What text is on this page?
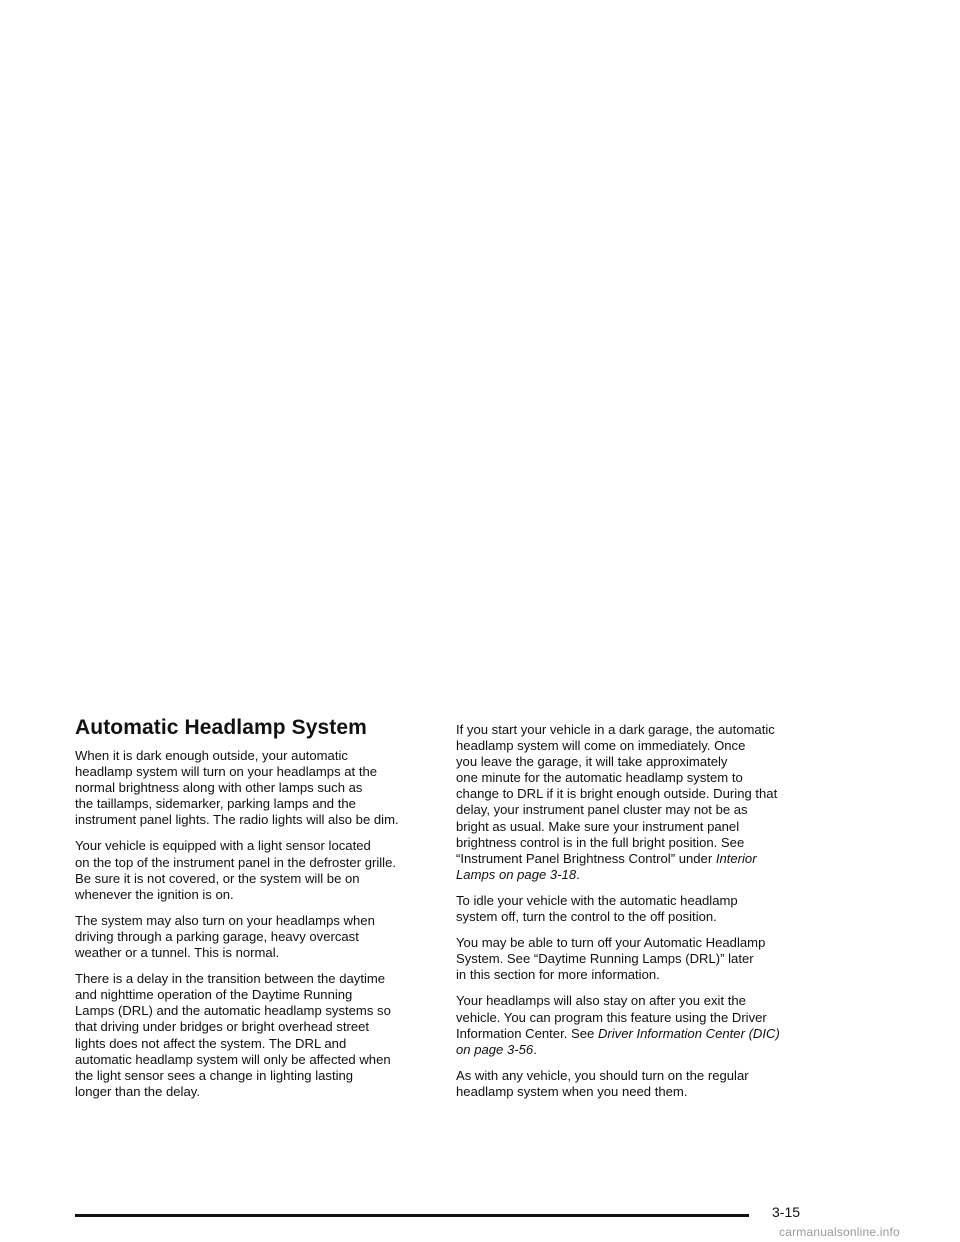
Automatic Headlamp System

When it is dark enough outside, your automatic
headlamp system will turn on your headlamps at the
normal brightness along with other lamps such as
the taillamps, sidemarker, parking lamps and the
instrument panel lights. The radio lights will also be dim.

Your vehicle is equipped with a light sensor located
on the top of the instrument panel in the defroster grille.
Be sure it is not covered, or the system will be on
whenever the ignition is on.

The system may also turn on your headlamps when
driving through a parking garage, heavy overcast
weather or a tunnel. This is normal.

There is a delay in the transition between the daytime
and nighttime operation of the Daytime Running
Lamps (DRL) and the automatic headlamp systems so
that driving under bridges or bright overhead street
lights does not affect the system. The DRL and
automatic headlamp system will only be affected when
the light sensor sees a change in lighting lasting
longer than the delay.

If you start your vehicle in a dark garage, the automatic
headlamp system will come on immediately. Once
you leave the garage, it will take approximately
one minute for the automatic headlamp system to
change to DRL if it is bright enough outside. During that
delay, your instrument panel cluster may not be as
bright as usual. Make sure your instrument panel
brightness control is in the full bright position. See
“Instrument Panel Brightness Control” under Interior
Lamps on page 3-18.

To idle your vehicle with the automatic headlamp
system off, turn the control to the off position.

You may be able to turn off your Automatic Headlamp
System. See “Daytime Running Lamps (DRL)” later
in this section for more information.

Your headlamps will also stay on after you exit the
vehicle. You can program this feature using the Driver
Information Center. See Driver Information Center (DIC)
on page 3-56.

As with any vehicle, you should turn on the regular
headlamp system when you need them.

3-15
carmanualsonline.info
